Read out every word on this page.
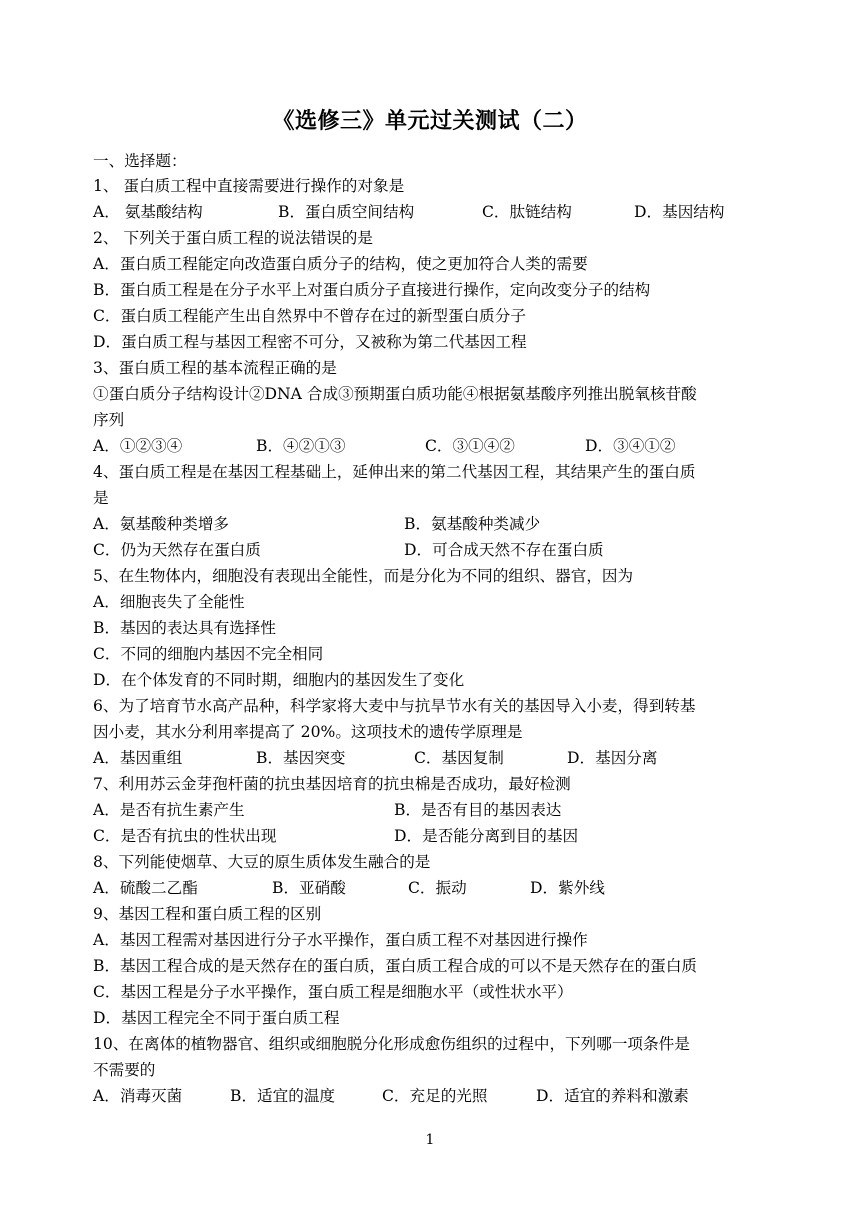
《选修三》单元过关测试（二）
一、选择题：
1、 蛋白质工程中直接需要进行操作的对象是
A． 氨基酸结构	B．蛋白质空间结构	C．肽链结构	D．基因结构
2、 下列关于蛋白质工程的说法错误的是
A．蛋白质工程能定向改造蛋白质分子的结构，使之更加符合人类的需要
B．蛋白质工程是在分子水平上对蛋白质分子直接进行操作，定向改变分子的结构
C．蛋白质工程能产生出自然界中不曾存在过的新型蛋白质分子
D．蛋白质工程与基因工程密不可分，又被称为第二代基因工程
3、蛋白质工程的基本流程正确的是
①蛋白质分子结构设计②DNA 合成③预期蛋白质功能④根据氨基酸序列推出脱氧核苷酸
序列
A．①②③④	B．④②①③	C．③①④②	D．③④①②
4、蛋白质工程是在基因工程基础上，延伸出来的第二代基因工程，其结果产生的蛋白质
是
A．氨基酸种类增多	B．氨基酸种类减少
C．仍为天然存在蛋白质	D．可合成天然不存在蛋白质
5、在生物体内，细胞没有表现出全能性，而是分化为不同的组织、器官，因为
A．细胞丧失了全能性
B．基因的表达具有选择性
C．不同的细胞内基因不完全相同
D．在个体发育的不同时期，细胞内的基因发生了变化
6、为了培育节水高产品种，科学家将大麦中与抗旱节水有关的基因导入小麦，得到转基
因小麦，其水分利用率提高了 20%。这项技术的遗传学原理是
A．基因重组	B．基因突变	C．基因复制	D．基因分离
7、利用苏云金芽孢杆菌的抗虫基因培育的抗虫棉是否成功，最好检测
A．是否有抗生素产生	B．是否有目的基因表达
C．是否有抗虫的性状出现	D．是否能分离到目的基因
8、下列能使烟草、大豆的原生质体发生融合的是
A．硫酸二乙酯	B．亚硝酸	C．振动	D．紫外线
9、基因工程和蛋白质工程的区别
A．基因工程需对基因进行分子水平操作，蛋白质工程不对基因进行操作
B．基因工程合成的是天然存在的蛋白质，蛋白质工程合成的可以不是天然存在的蛋白质
C．基因工程是分子水平操作，蛋白质工程是细胞水平（或性状水平）
D．基因工程完全不同于蛋白质工程
10、在离体的植物器官、组织或细胞脱分化形成愈伤组织的过程中，下列哪一项条件是
不需要的
A．消毒灭菌	B．适宜的温度	C．充足的光照	D．适宜的养料和激素
1
